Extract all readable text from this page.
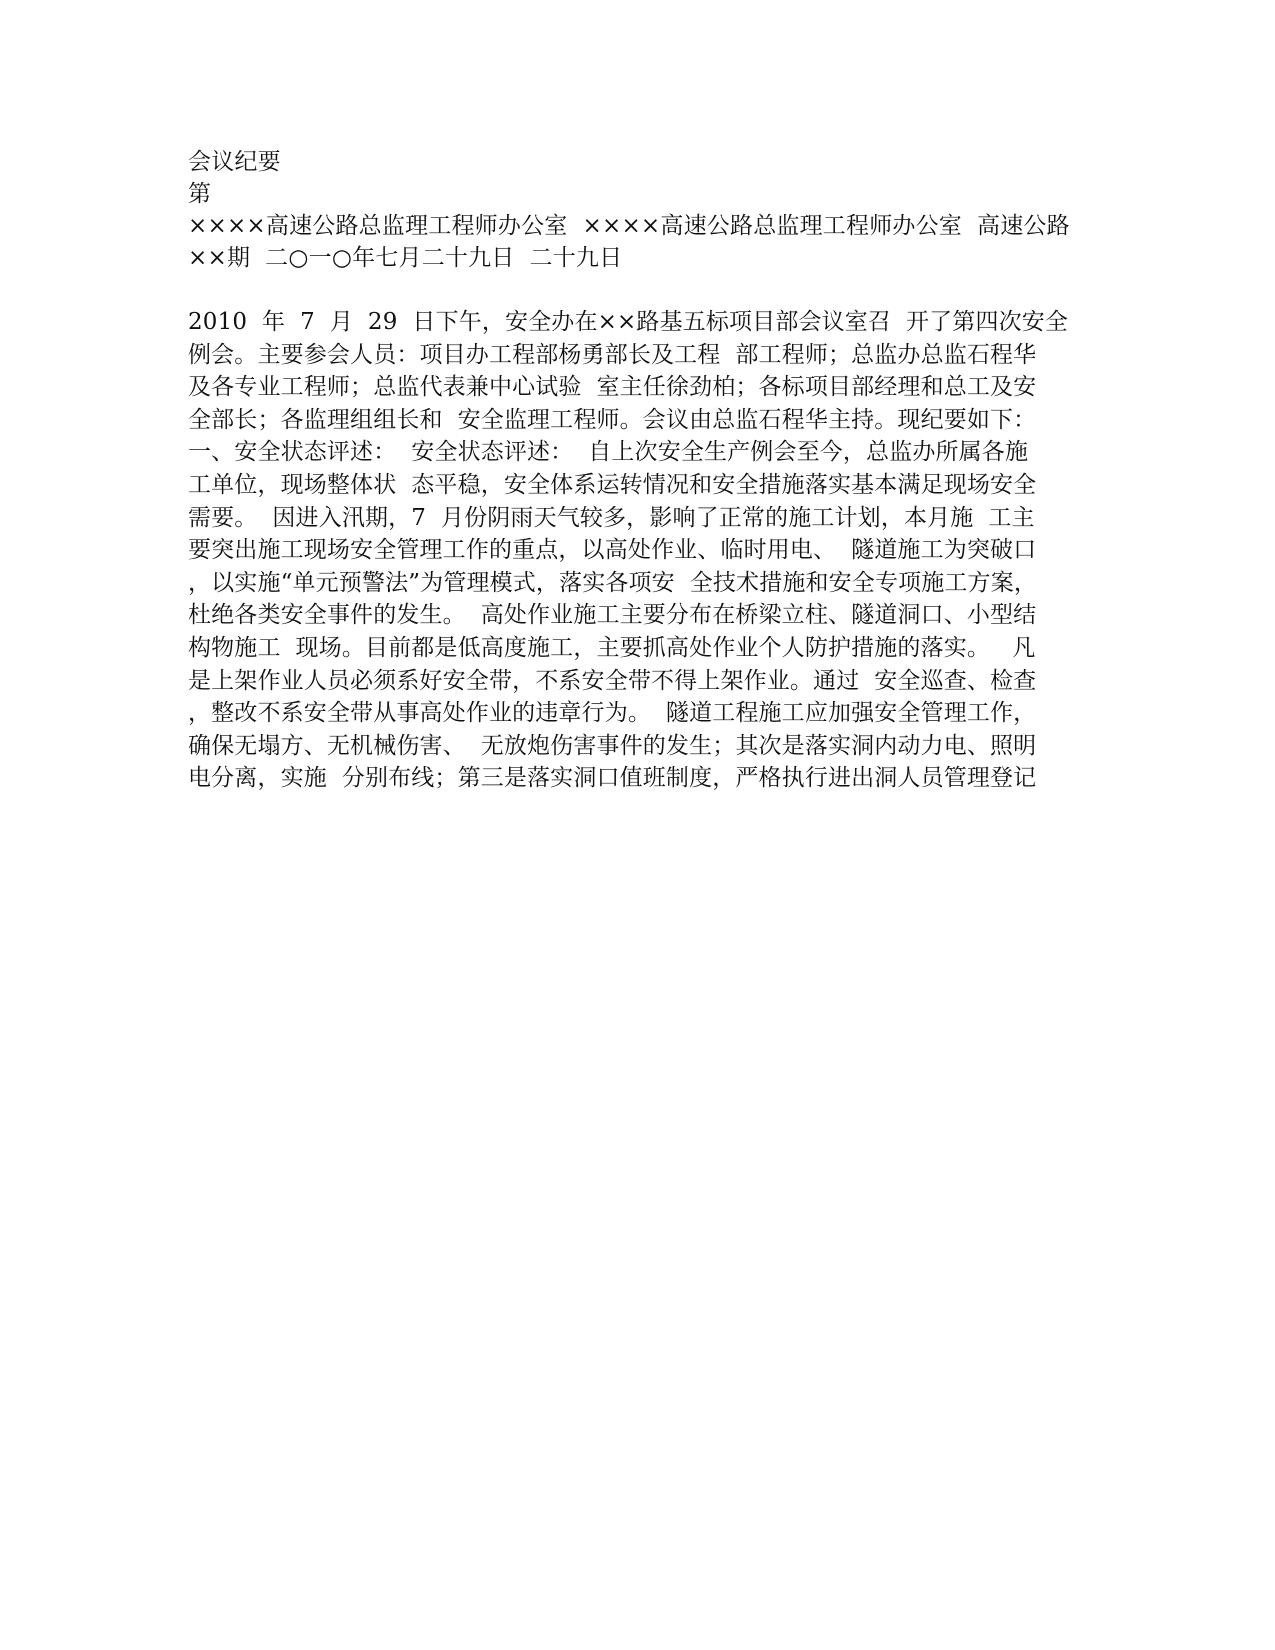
会议纪要
第
××××高速公路总监理工程师办公室  ××××高速公路总监理工程师办公室  高速公路
××期  二○一○年七月二十九日  二十九日
2010  年  7  月  29  日下午，安全办在××路基五标项目部会议室召  开了第四次安全
例会。主要参会人员：项目办工程部杨勇部长及工程  部工程师；总监办总监石程华
及各专业工程师；总监代表兼中心试验  室主任徐劲柏；各标项目部经理和总工及安
全部长；各监理组组长和  安全监理工程师。会议由总监石程华主持。现纪要如下：
一、安全状态评述：  安全状态评述：  自上次安全生产例会至今，总监办所属各施
工单位，现场整体状  态平稳，安全体系运转情况和安全措施落实基本满足现场安全
需要。  因进入汛期，7  月份阴雨天气较多，影响了正常的施工计划，本月施  工主
要突出施工现场安全管理工作的重点，以高处作业、临时用电、  隧道施工为突破口
，以实施“单元预警法”为管理模式，落实各项安  全技术措施和安全专项施工方案，
杜绝各类安全事件的发生。  高处作业施工主要分布在桥梁立柱、隧道洞口、小型结
构物施工  现场。目前都是低高度施工，主要抓高处作业个人防护措施的落实。   凡
是上架作业人员必须系好安全带，不系安全带不得上架作业。通过  安全巡查、检查
，整改不系安全带从事高处作业的违章行为。  隧道工程施工应加强安全管理工作，
确保无塌方、无机械伤害、  无放炮伤害事件的发生；其次是落实洞内动力电、照明
电分离，实施  分别布线；第三是落实洞口值班制度，严格执行进出洞人员管理登记
